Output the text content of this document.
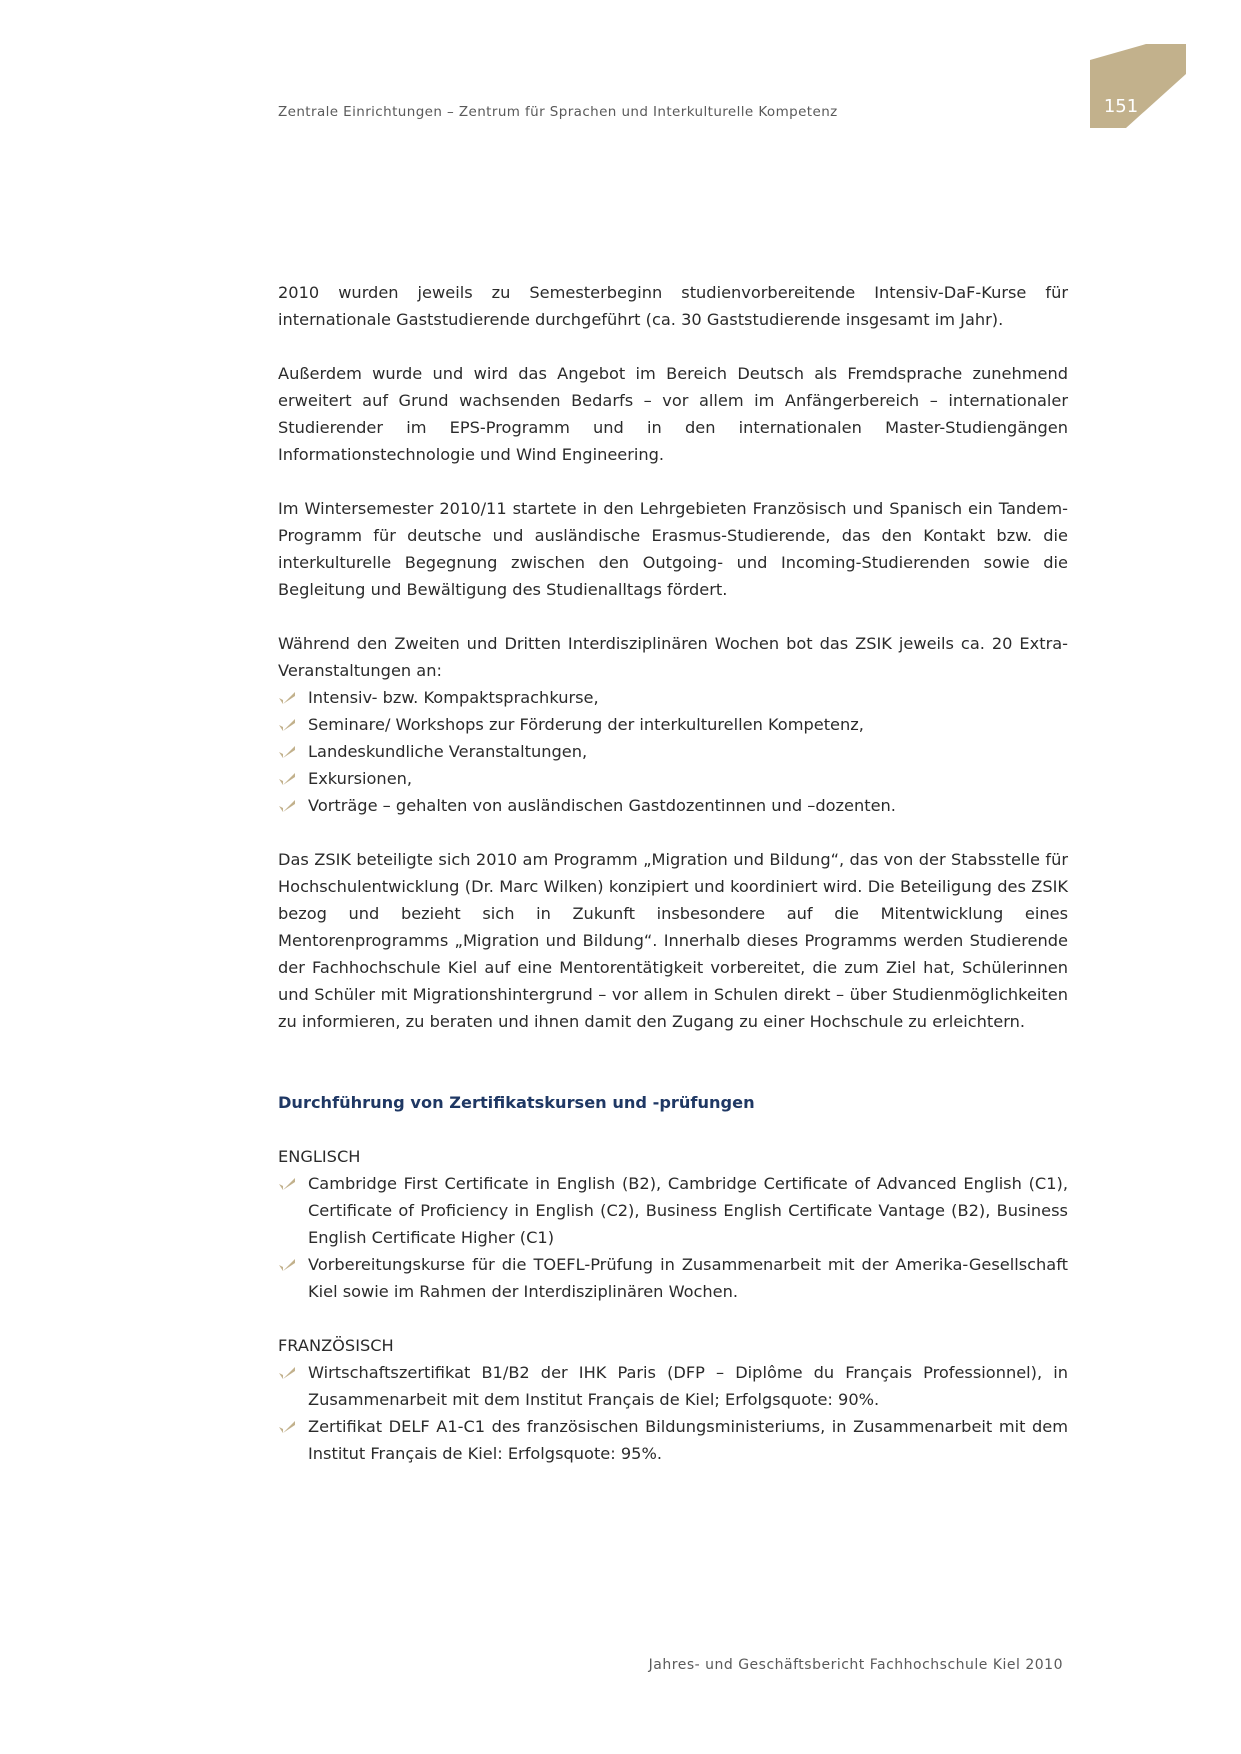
Zentrale Einrichtungen – Zentrum für Sprachen und Interkulturelle Kompetenz	151

2010 wurden jeweils zu Semesterbeginn studienvorbereitende Intensiv-DaF-Kurse für internationale Gaststudierende durchgeführt (ca. 30 Gaststudierende insgesamt im Jahr).

Außerdem wurde und wird das Angebot im Bereich Deutsch als Fremdsprache zunehmend erweitert auf Grund wachsenden Bedarfs – vor allem im Anfängerbereich – internationaler Studierender im EPS-Programm und in den internationalen Master-Studiengängen Informationstechnologie und Wind Engineering.

Im Wintersemester 2010/11 startete in den Lehrgebieten Französisch und Spanisch ein Tandem-Programm für deutsche und ausländische Erasmus-Studierende, das den Kontakt bzw. die interkulturelle Begegnung zwischen den Outgoing- und Incoming-Studierenden sowie die Begleitung und Bewältigung des Studienalltags fördert.

Während den Zweiten und Dritten Interdisziplinären Wochen bot das ZSIK jeweils ca. 20 Extra-Veranstaltungen an:

Intensiv- bzw. Kompaktsprachkurse,
Seminare/ Workshops zur Förderung der interkulturellen Kompetenz,
Landeskundliche Veranstaltungen,
Exkursionen,
Vorträge – gehalten von ausländischen Gastdozentinnen und –dozenten.

Das ZSIK beteiligte sich 2010 am Programm „Migration und Bildung“, das von der Stabsstelle für Hochschulentwicklung (Dr. Marc Wilken) konzipiert und koordiniert wird. Die Beteiligung des ZSIK bezog und bezieht sich in Zukunft insbesondere auf die Mitentwicklung eines Mentorenprogramms „Migration und Bildung“. Innerhalb dieses Programms werden Studierende der Fachhochschule Kiel auf eine Mentorentätigkeit vorbereitet, die zum Ziel hat, Schülerinnen und Schüler mit Migrationshintergrund – vor allem in Schulen direkt – über Studienmöglichkeiten zu informieren, zu beraten und ihnen damit den Zugang zu einer Hochschule zu erleichtern.

Durchführung von Zertifikatskursen und -prüfungen

ENGLISCH

Cambridge First Certificate in English (B2), Cambridge Certificate of Advanced English (C1), Certificate of Proficiency in English (C2), Business English Certificate Vantage (B2), Business English Certificate Higher (C1)
Vorbereitungskurse für die TOEFL-Prüfung in Zusammenarbeit mit der Amerika-Gesellschaft Kiel sowie im Rahmen der Interdisziplinären Wochen.

FRANZÖSISCH

Wirtschaftszertifikat B1/B2 der IHK Paris (DFP – Diplôme du Français Professionnel), in Zusammenarbeit mit dem Institut Français de Kiel; Erfolgsquote: 90%.
Zertifikat DELF A1-C1 des französischen Bildungsministeriums, in Zusammenarbeit mit dem Institut Français de Kiel: Erfolgsquote: 95%.
Jahres- und Geschäftsbericht Fachhochschule Kiel 2010
